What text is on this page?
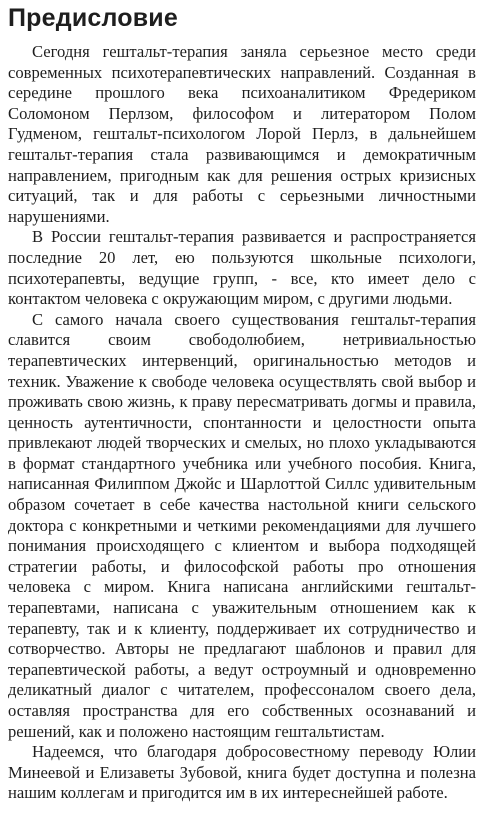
Предисловие

Сегодня гештальт-терапия заняла серьезное место среди современных психотерапевтических направлений. Созданная в середине прошлого века психоаналитиком Фредериком Соломоном Перлзом, философом и литератором Полом Гудменом, гештальт-психологом Лорой Перлз, в дальнейшем гештальт-терапия стала развивающимся и демократичным направлением, пригодным как для решения острых кризисных ситуаций, так и для работы с серьезными личностными нарушениями.

В России гештальт-терапия развивается и распространяется последние 20 лет, ею пользуются школьные психологи, психотерапевты, ведущие групп, - все, кто имеет дело с контактом человека с окружающим миром, с другими людьми.

С самого начала своего существования гештальт-терапия славится своим свободолюбием, нетривиальностью терапевтических интервенций, оригинальностью методов и техник. Уважение к свободе человека осуществлять свой выбор и проживать свою жизнь, к праву пересматривать догмы и правила, ценность аутентичности, спонтанности и целостности опыта привлекают людей творческих и смелых, но плохо укладываются в формат стандартного учебника или учебного пособия. Книга, написанная Филиппом Джойс и Шарлоттой Силлс удивительным образом сочетает в себе качества настольной книги сельского доктора с конкретными и четкими рекомендациями для лучшего понимания происходящего с клиентом и выбора подходящей стратегии работы, и философской работы про отношения человека с миром. Книга написана английскими гештальт-терапевтами, написана с уважительным отношением как к терапевту, так и к клиенту, поддерживает их сотрудничество и сотворчество. Авторы не предлагают шаблонов и правил для терапевтической работы, а ведут остроумный и одновременно деликатный диалог с читателем, профессоналом своего дела, оставляя пространства для его собственных осознаваний и решений, как и положено настоящим гештальтистам.

Надеемся, что благодаря добросовестному переводу Юлии Минеевой и Елизаветы Зубовой, книга будет доступна и полезна нашим коллегам и пригодится им в их интереснейшей работе.
